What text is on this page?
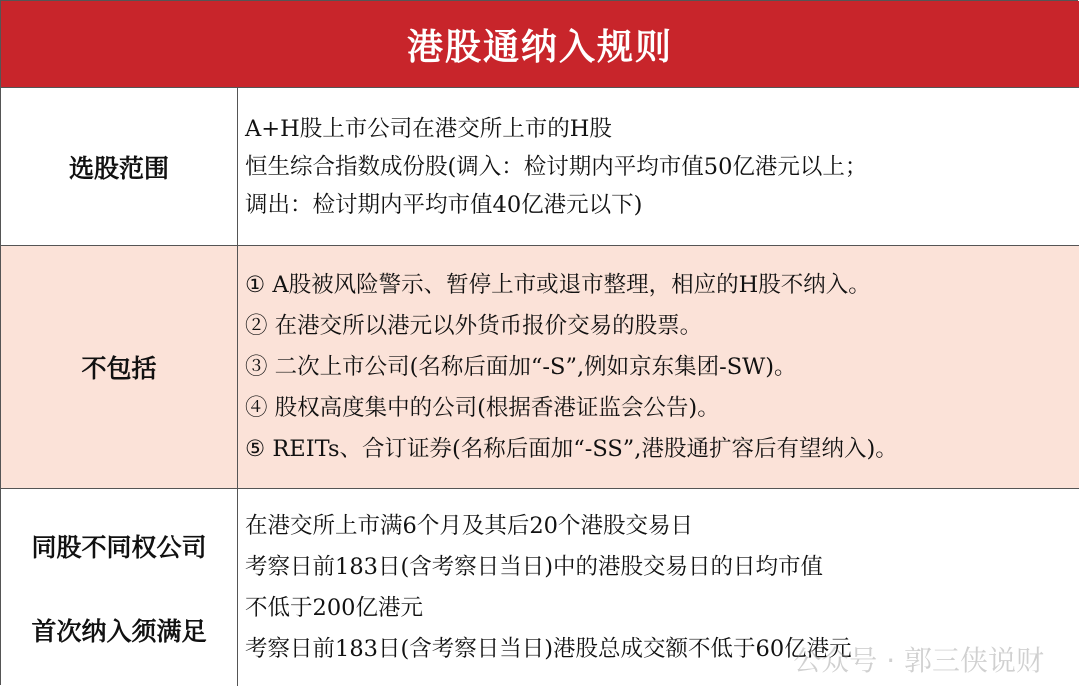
港股通纳入规则
选股范围
A+H股上市公司在港交所上市的H股
恒生综合指数成份股(调入：检讨期内平均市值50亿港元以上；
调出：检讨期内平均市值40亿港元以下)
不包括
① A股被风险警示、暂停上市或退市整理，相应的H股不纳入。
② 在港交所以港元以外货币报价交易的股票。
③ 二次上市公司(名称后面加“-S”,例如京东集团-SW)。
④ 股权高度集中的公司(根据香港证监会公告)。
⑤ REITs、合订证券(名称后面加“-SS”,港股通扩容后有望纳入)。
同股不同权公司
首次纳入须满足
在港交所上市满6个月及其后20个港股交易日
考察日前183日(含考察日当日)中的港股交易日的日均市值
不低于200亿港元
考察日前183日(含考察日当日)港股总成交额不低于60亿港元
公众号 · 郭三侠说财
